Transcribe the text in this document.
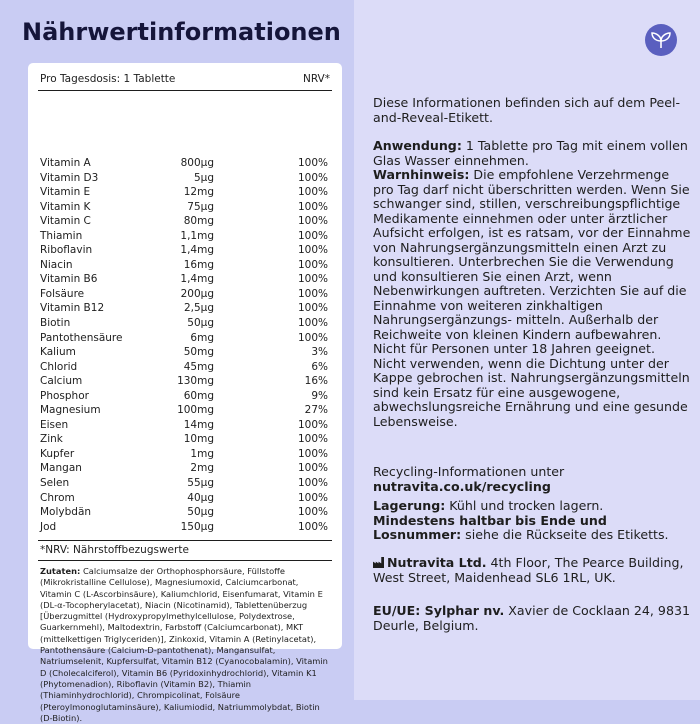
Nährwertinformationen
Pro Tagesdosis: 1 Tablette	NRV*
Vitamin A	800µg	100%
Vitamin D3	5µg	100%
Vitamin E	12mg	100%
Vitamin K	75µg	100%
Vitamin C	80mg	100%
Thiamin	1,1mg	100%
Riboflavin	1,4mg	100%
Niacin	16mg	100%
Vitamin B6	1,4mg	100%
Folsäure	200µg	100%
Vitamin B12	2,5µg	100%
Biotin	50µg	100%
Pantothensäure	6mg	100%
Kalium	50mg	3%
Chlorid	45mg	6%
Calcium	130mg	16%
Phosphor	60mg	9%
Magnesium	100mg	27%
Eisen	14mg	100%
Zink	10mg	100%
Kupfer	1mg	100%
Mangan	2mg	100%
Selen	55µg	100%
Chrom	40µg	100%
Molybdän	50µg	100%
Jod	150µg	100%
*NRV: Nährstoffbezugswerte
Zutaten: Calciumsalze der Orthophosphorsäure, Füllstoffe (Mikrokristalline Cellulose), Magnesiumoxid, Calciumcarbonat, Vitamin C (L-Ascorbinsäure), Kaliumchlorid, Eisenfumarat, Vitamin E (DL-α-Tocopherylacetat), Niacin (Nicotinamid), Tablettenüberzug [Überzugmittel (Hydroxypropylmethylcellulose, Polydextrose, Guarkernmehl), Maltodextrin, Farbstoff (Calciumcarbonat), MKT (mittelkettigen Triglyceriden)], Zinkoxid, Vitamin A (Retinylacetat), Pantothensäure (Calcium-D-pantothenat), Mangansulfat, Natriumselenit, Kupfersulfat, Vitamin B12 (Cyanocobalamin), Vitamin D (Cholecalciferol), Vitamin B6 (Pyridoxinhydrochlorid), Vitamin K1 (Phytomenadion), Riboflavin (Vitamin B2), Thiamin (Thiaminhydrochlorid), Chrompicolinat, Folsäure (Pteroylmonoglutaminsäure), Kaliumiodid, Natriummolybdat, Biotin (D-Biotin).
Diese Informationen befinden sich auf dem Peel-and-Reveal-Etikett.
Anwendung: 1 Tablette pro Tag mit einem vollen Glas Wasser einnehmen.
Warnhinweis: Die empfohlene Verzehrmenge pro Tag darf nicht überschritten werden. Wenn Sie schwanger sind, stillen, verschreibungspflichtige Medikamente einnehmen oder unter ärztlicher Aufsicht erfolgen, ist es ratsam, vor der Einnahme von Nahrungsergänzungsmitteln einen Arzt zu konsultieren. Unterbrechen Sie die Verwendung und konsultieren Sie einen Arzt, wenn Nebenwirkungen auftreten. Verzichten Sie auf die Einnahme von weiteren zinkhaltigen Nahrungsergänzungs- mitteln. Außerhalb der Reichweite von kleinen Kindern aufbewahren. Nicht für Personen unter 18 Jahren geeignet. Nicht verwenden, wenn die Dichtung unter der Kappe gebrochen ist. Nahrungsergänzungsmitteln sind kein Ersatz für eine ausgewogene, abwechslungsreiche Ernährung und eine gesunde Lebensweise.
Recycling-Informationen unter
nutravita.co.uk/recycling
Lagerung: Kühl und trocken lagern.
Mindestens haltbar bis Ende und Losnummer: siehe die Rückseite des Etiketts.
Nutravita Ltd. 4th Floor, The Pearce Building, West Street, Maidenhead SL6 1RL, UK.
EU/UE: Sylphar nv. Xavier de Cocklaan 24, 9831 Deurle, Belgium.
